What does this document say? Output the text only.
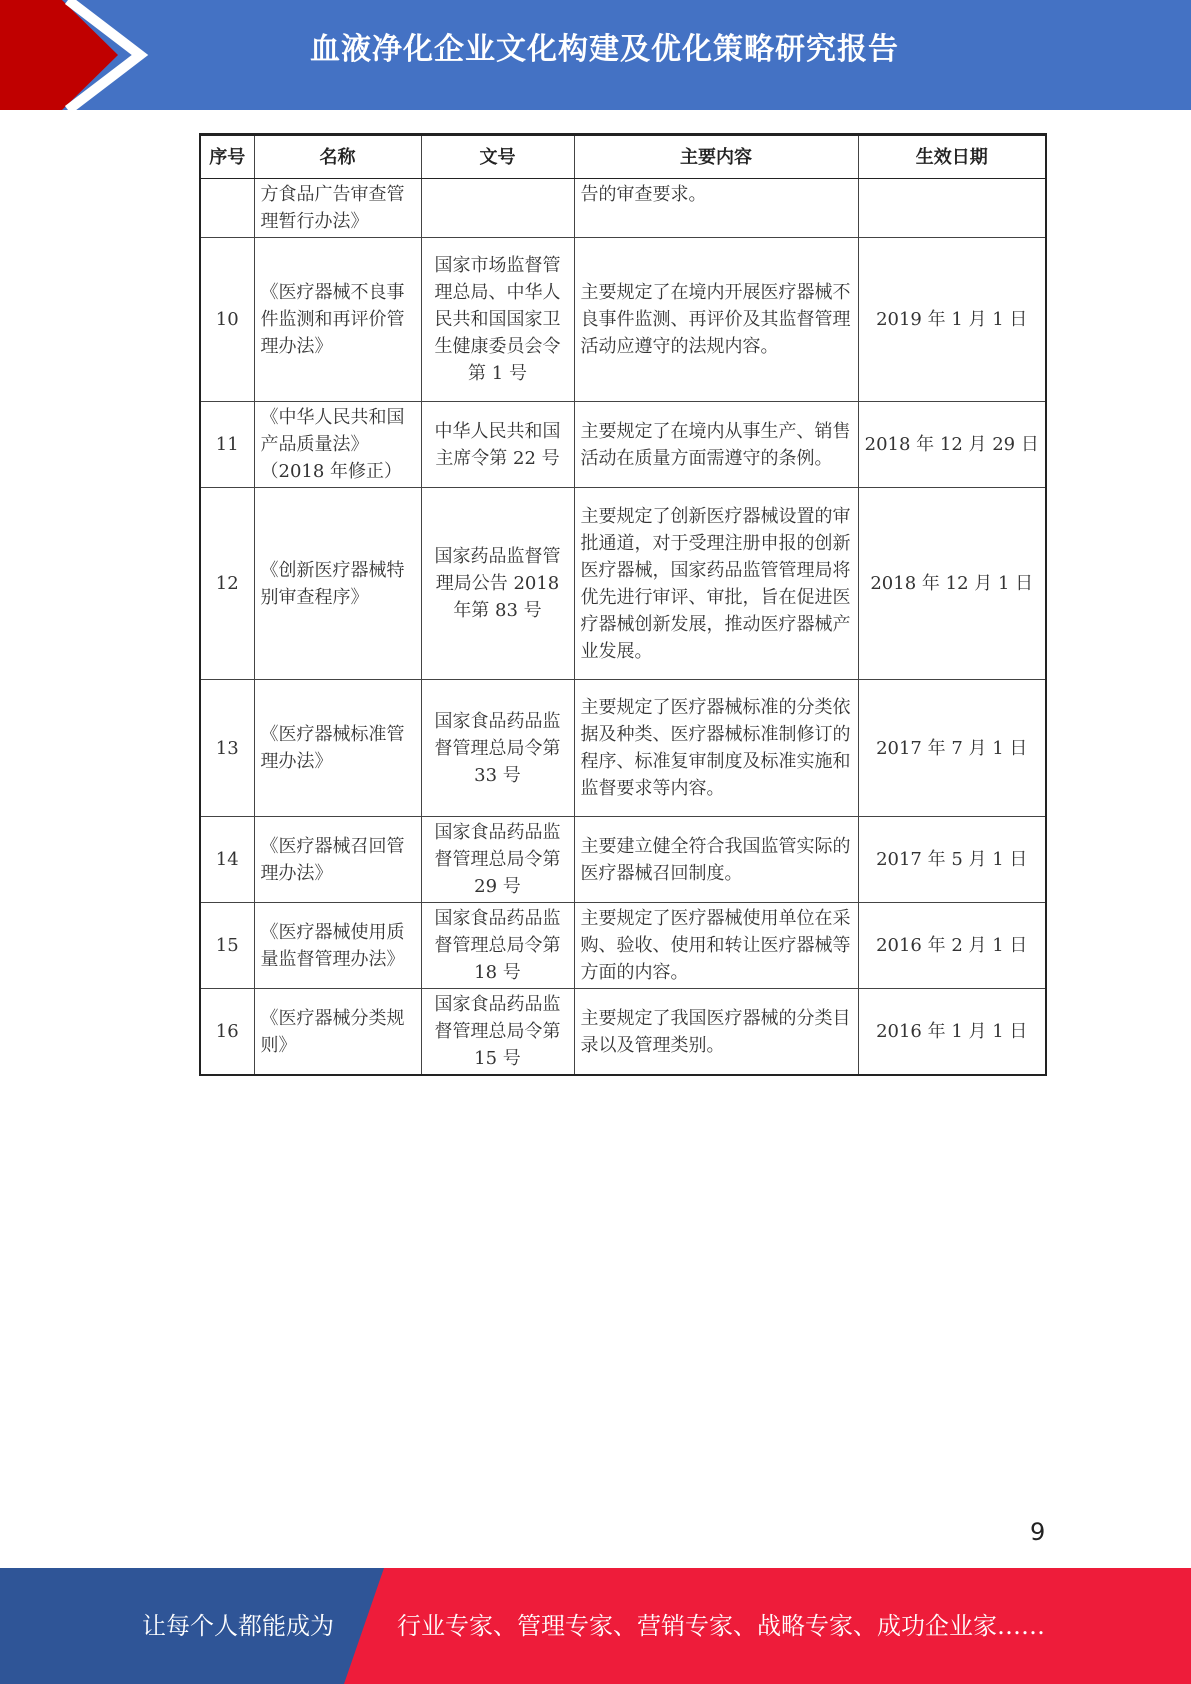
血液净化企业文化构建及优化策略研究报告
序号	名称	文号	主要内容	生效日期
	方食品广告审查管理暂行办法》		告的审查要求。	
10	《医疗器械不良事件监测和再评价管理办法》	国家市场监督管理总局、中华人民共和国国家卫生健康委员会令第 1 号	主要规定了在境内开展医疗器械不良事件监测、再评价及其监督管理活动应遵守的法规内容。	2019 年 1 月 1 日
11	《中华人民共和国产品质量法》（2018 年修正）	中华人民共和国主席令第 22 号	主要规定了在境内从事生产、销售活动在质量方面需遵守的条例。	2018 年 12 月 29 日
12	《创新医疗器械特别审查程序》	国家药品监督管理局公告 2018 年第 83 号	主要规定了创新医疗器械设置的审批通道，对于受理注册申报的创新医疗器械，国家药品监管管理局将优先进行审评、审批，旨在促进医疗器械创新发展，推动医疗器械产业发展。	2018 年 12 月 1 日
13	《医疗器械标准管理办法》	国家食品药品监督管理总局令第 33 号	主要规定了医疗器械标准的分类依据及种类、医疗器械标准制修订的程序、标准复审制度及标准实施和监督要求等内容。	2017 年 7 月 1 日
14	《医疗器械召回管理办法》	国家食品药品监督管理总局令第 29 号	主要建立健全符合我国监管实际的医疗器械召回制度。	2017 年 5 月 1 日
15	《医疗器械使用质量监督管理办法》	国家食品药品监督管理总局令第 18 号	主要规定了医疗器械使用单位在采购、验收、使用和转让医疗器械等方面的内容。	2016 年 2 月 1 日
16	《医疗器械分类规则》	国家食品药品监督管理总局令第 15 号	主要规定了我国医疗器械的分类目录以及管理类别。	2016 年 1 月 1 日
9
让每个人都能成为	行业专家、管理专家、营销专家、战略专家、成功企业家……
